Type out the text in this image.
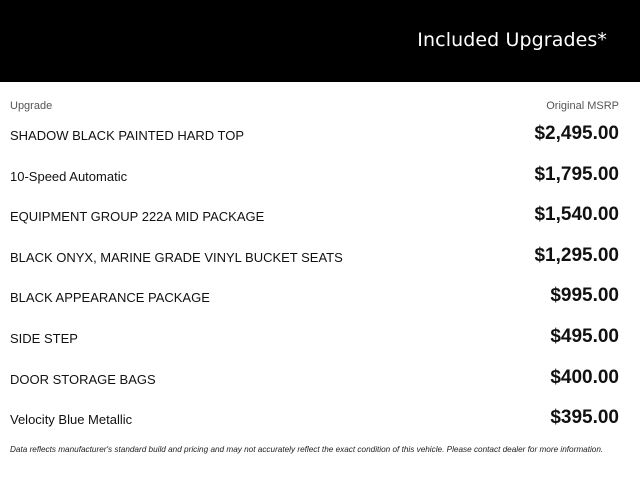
Included Upgrades*
Upgrade	Original MSRP
SHADOW BLACK PAINTED HARD TOP	$2,495.00
10-Speed Automatic	$1,795.00
EQUIPMENT GROUP 222A MID PACKAGE	$1,540.00
BLACK ONYX, MARINE GRADE VINYL BUCKET SEATS	$1,295.00
BLACK APPEARANCE PACKAGE	$995.00
SIDE STEP	$495.00
DOOR STORAGE BAGS	$400.00
Velocity Blue Metallic	$395.00
Data reflects manufacturer's standard build and pricing and may not accurately reflect the exact condition of this vehicle. Please contact dealer for more information.
